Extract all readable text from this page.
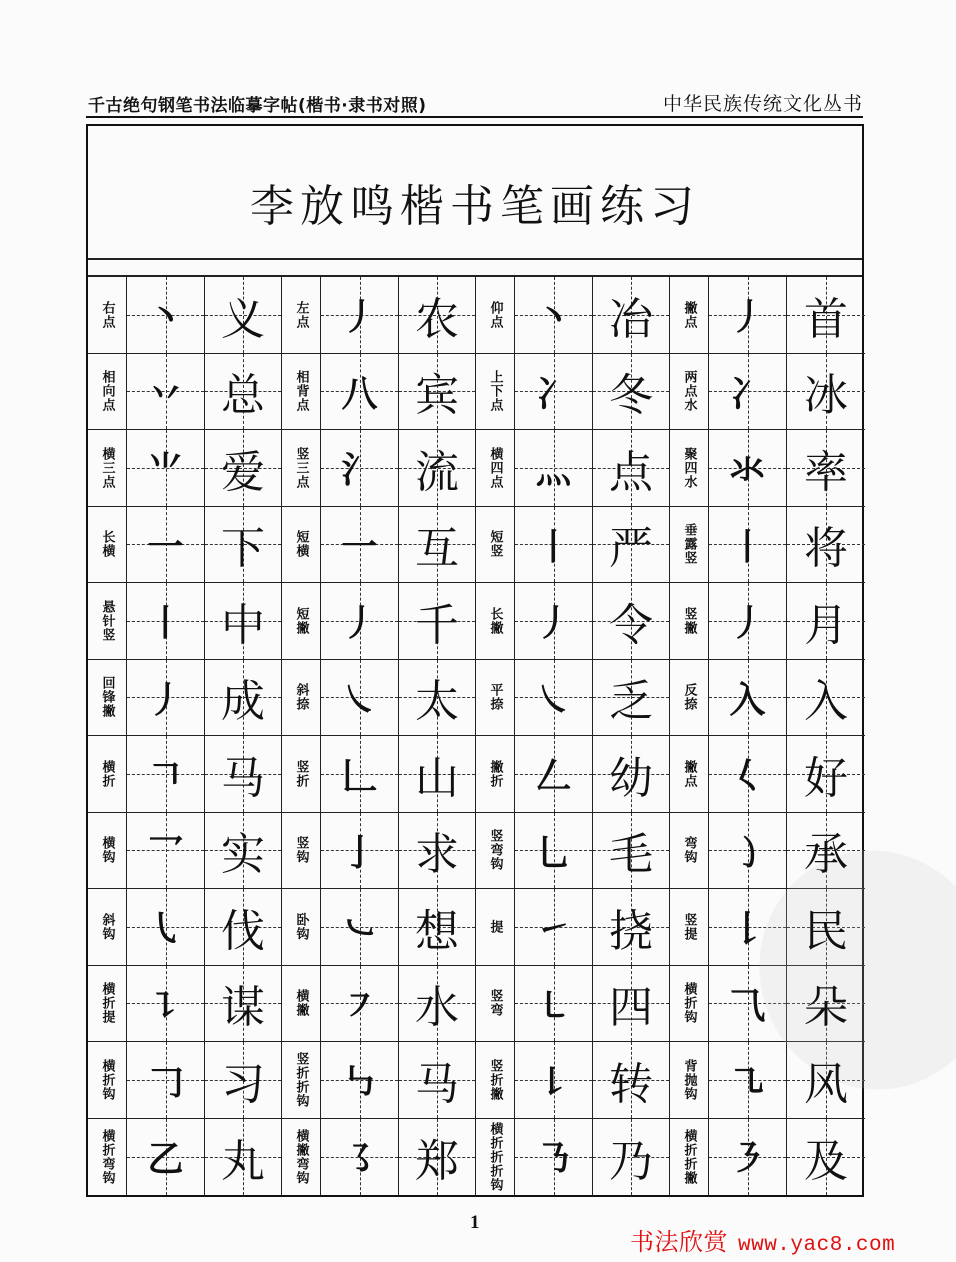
千古绝句钢笔书法临摹字帖(楷书·隶书对照)	中华民族传统文化丛书
李放鸣楷书笔画练习
右点 丶 义	左点 丿 农	仰点 丶 冶	撇点 丿 首
相向点 丷 总	相背点 八 宾	上下点 冫 冬	两点水 冫 冰
横三点 ⺌ 爱	竖三点 氵 流	横四点 灬 点	聚四水 氺 率
长横 一 下	短横 一 互	短竖 丨 严	垂露竖 丨 将
悬针竖 丨 中	短撇 丿 千	长撇 丿 令	竖撇 丿 月
回锋撇 丿 成	斜捺 ㇏ 太	平捺 ㇏ 乏	反捺 入 入
横折 𠃍 马	竖折 𠃊 山	撇折 𠃋 幼	撇点 𡿨 好
横钩 乛 实	竖钩 亅 求	竖弯钩 乚 毛	弯钩 ㇁ 承
斜钩 ㇂ 伐	卧钩 ㇃ 想	提 ㇀ 挠	竖提 𠄌 民
横折提 ㇊ 谋	横撇 ㇇ 水	竖弯 ㇄ 四	横折钩 ⺄ 朵
横折钩 𠃌 习	竖折折钩 ㇉ 马	竖折撇 ㇙ 转	背抛钩 ㇈ 风
横折弯钩 乙 丸	横撇弯钩 ㇌ 郑	横折折折钩 ㇡ 乃	横折折撇 ㇋ 及
1
书法欣赏 www.yac8.com
